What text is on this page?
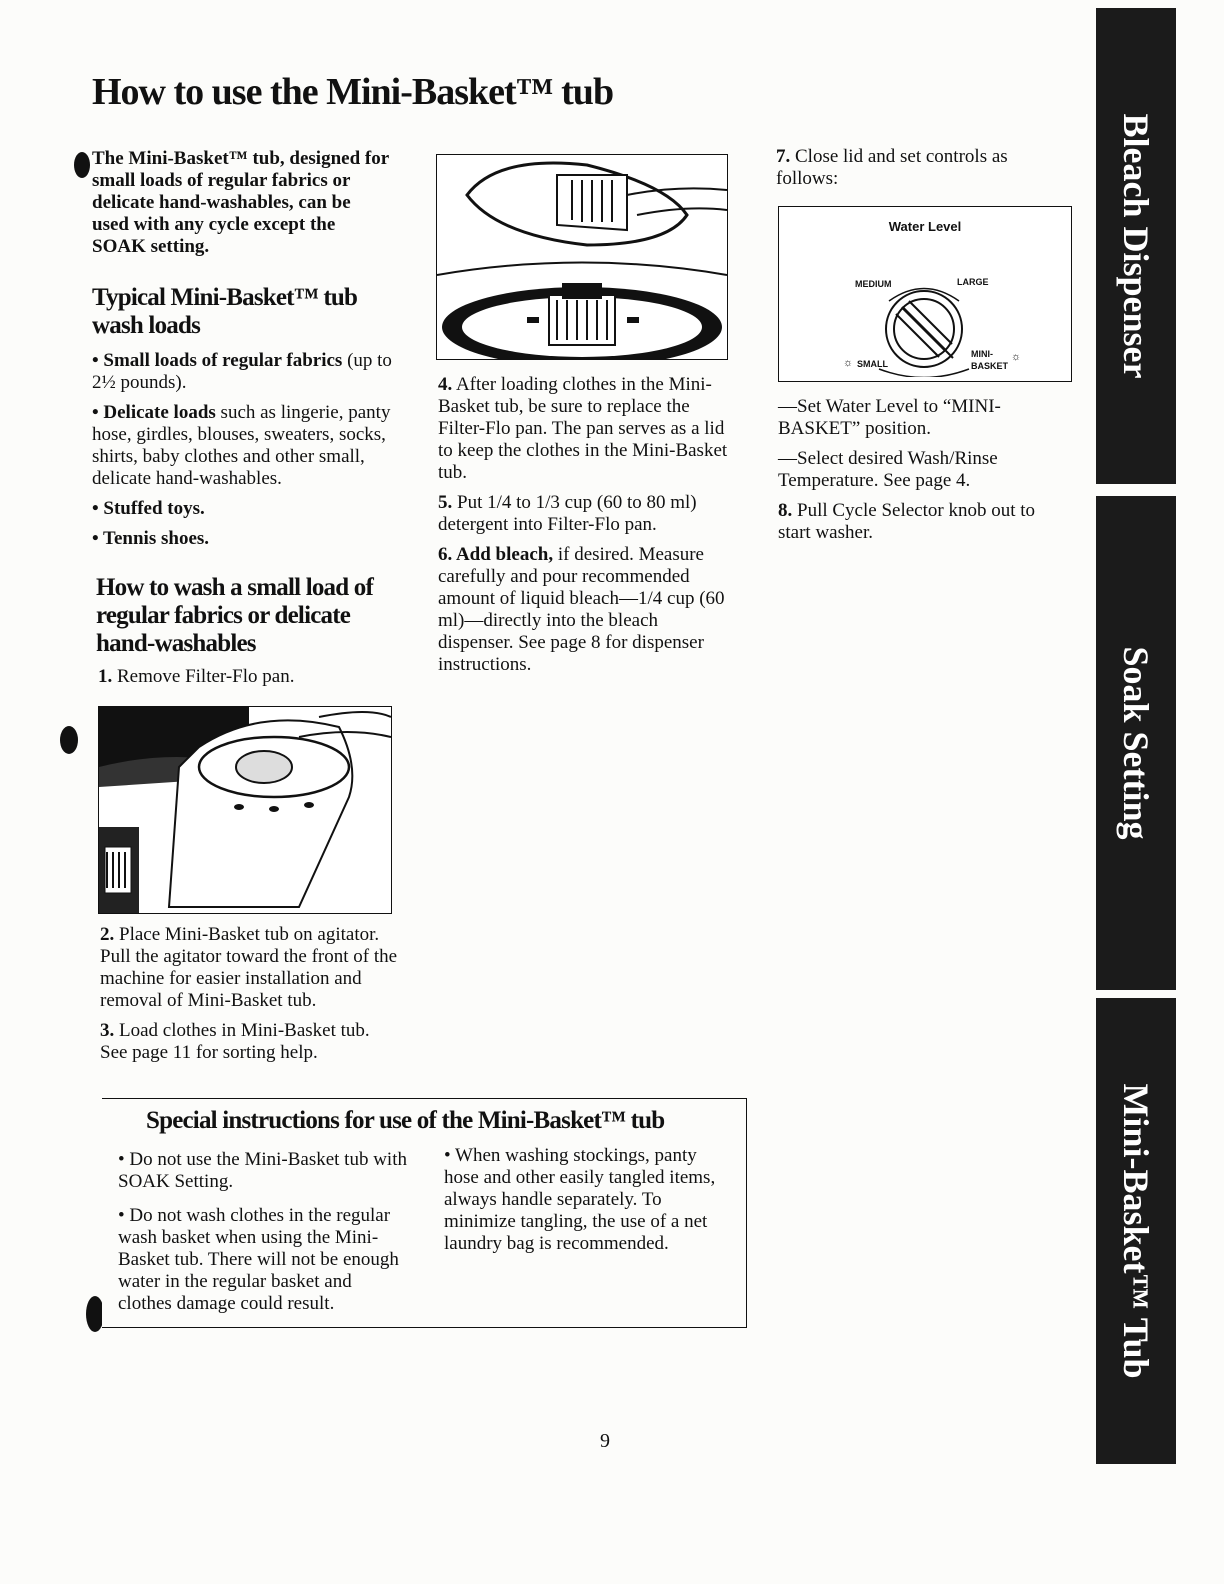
How to use the Mini-Basket™ tub
The Mini-Basket™ tub, designed for small loads of regular fabrics or delicate hand-washables, can be used with any cycle except the SOAK setting.
Typical Mini-Basket™ tub wash loads

• Small loads of regular fabrics (up to 2½ pounds).

• Delicate loads such as lingerie, panty hose, girdles, blouses, sweaters, socks, shirts, baby clothes and other small, delicate hand-washables.

• Stuffed toys.

• Tennis shoes.

How to wash a small load of regular fabrics or delicate hand-washables

1. Remove Filter-Flo pan.

2. Place Mini-Basket tub on agitator. Pull the agitator toward the front of the machine for easier installation and removal of Mini-Basket tub.

3. Load clothes in Mini-Basket tub. See page 11 for sorting help.

4. After loading clothes in the Mini-Basket tub, be sure to replace the Filter-Flo pan. The pan serves as a lid to keep the clothes in the Mini-Basket tub.

5. Put 1/4 to 1/3 cup (60 to 80 ml) detergent into Filter-Flo pan.

6. Add bleach, if desired. Measure carefully and pour recommended amount of liquid bleach—1/4 cup (60 ml)—directly into the bleach dispenser. See page 8 for dispenser instructions.

7. Close lid and set controls as follows:

Water Level
MEDIUM	LARGE
☼ SMALL
MINI-
BASKET
☼

—Set Water Level to “MINI-BASKET” position.

—Select desired Wash/Rinse Temperature. See page 4.

8. Pull Cycle Selector knob out to start washer.

Special instructions for use of the Mini-Basket™ tub

• Do not use the Mini-Basket tub with SOAK Setting.

• Do not wash clothes in the regular wash basket when using the Mini-Basket tub. There will not be enough water in the regular basket and clothes damage could result.

• When washing stockings, panty hose and other easily tangled items, always handle separately. To minimize tangling, the use of a net laundry bag is recommended.

Bleach Dispenser
Soak Setting
Mini-Basket™ Tub
9
